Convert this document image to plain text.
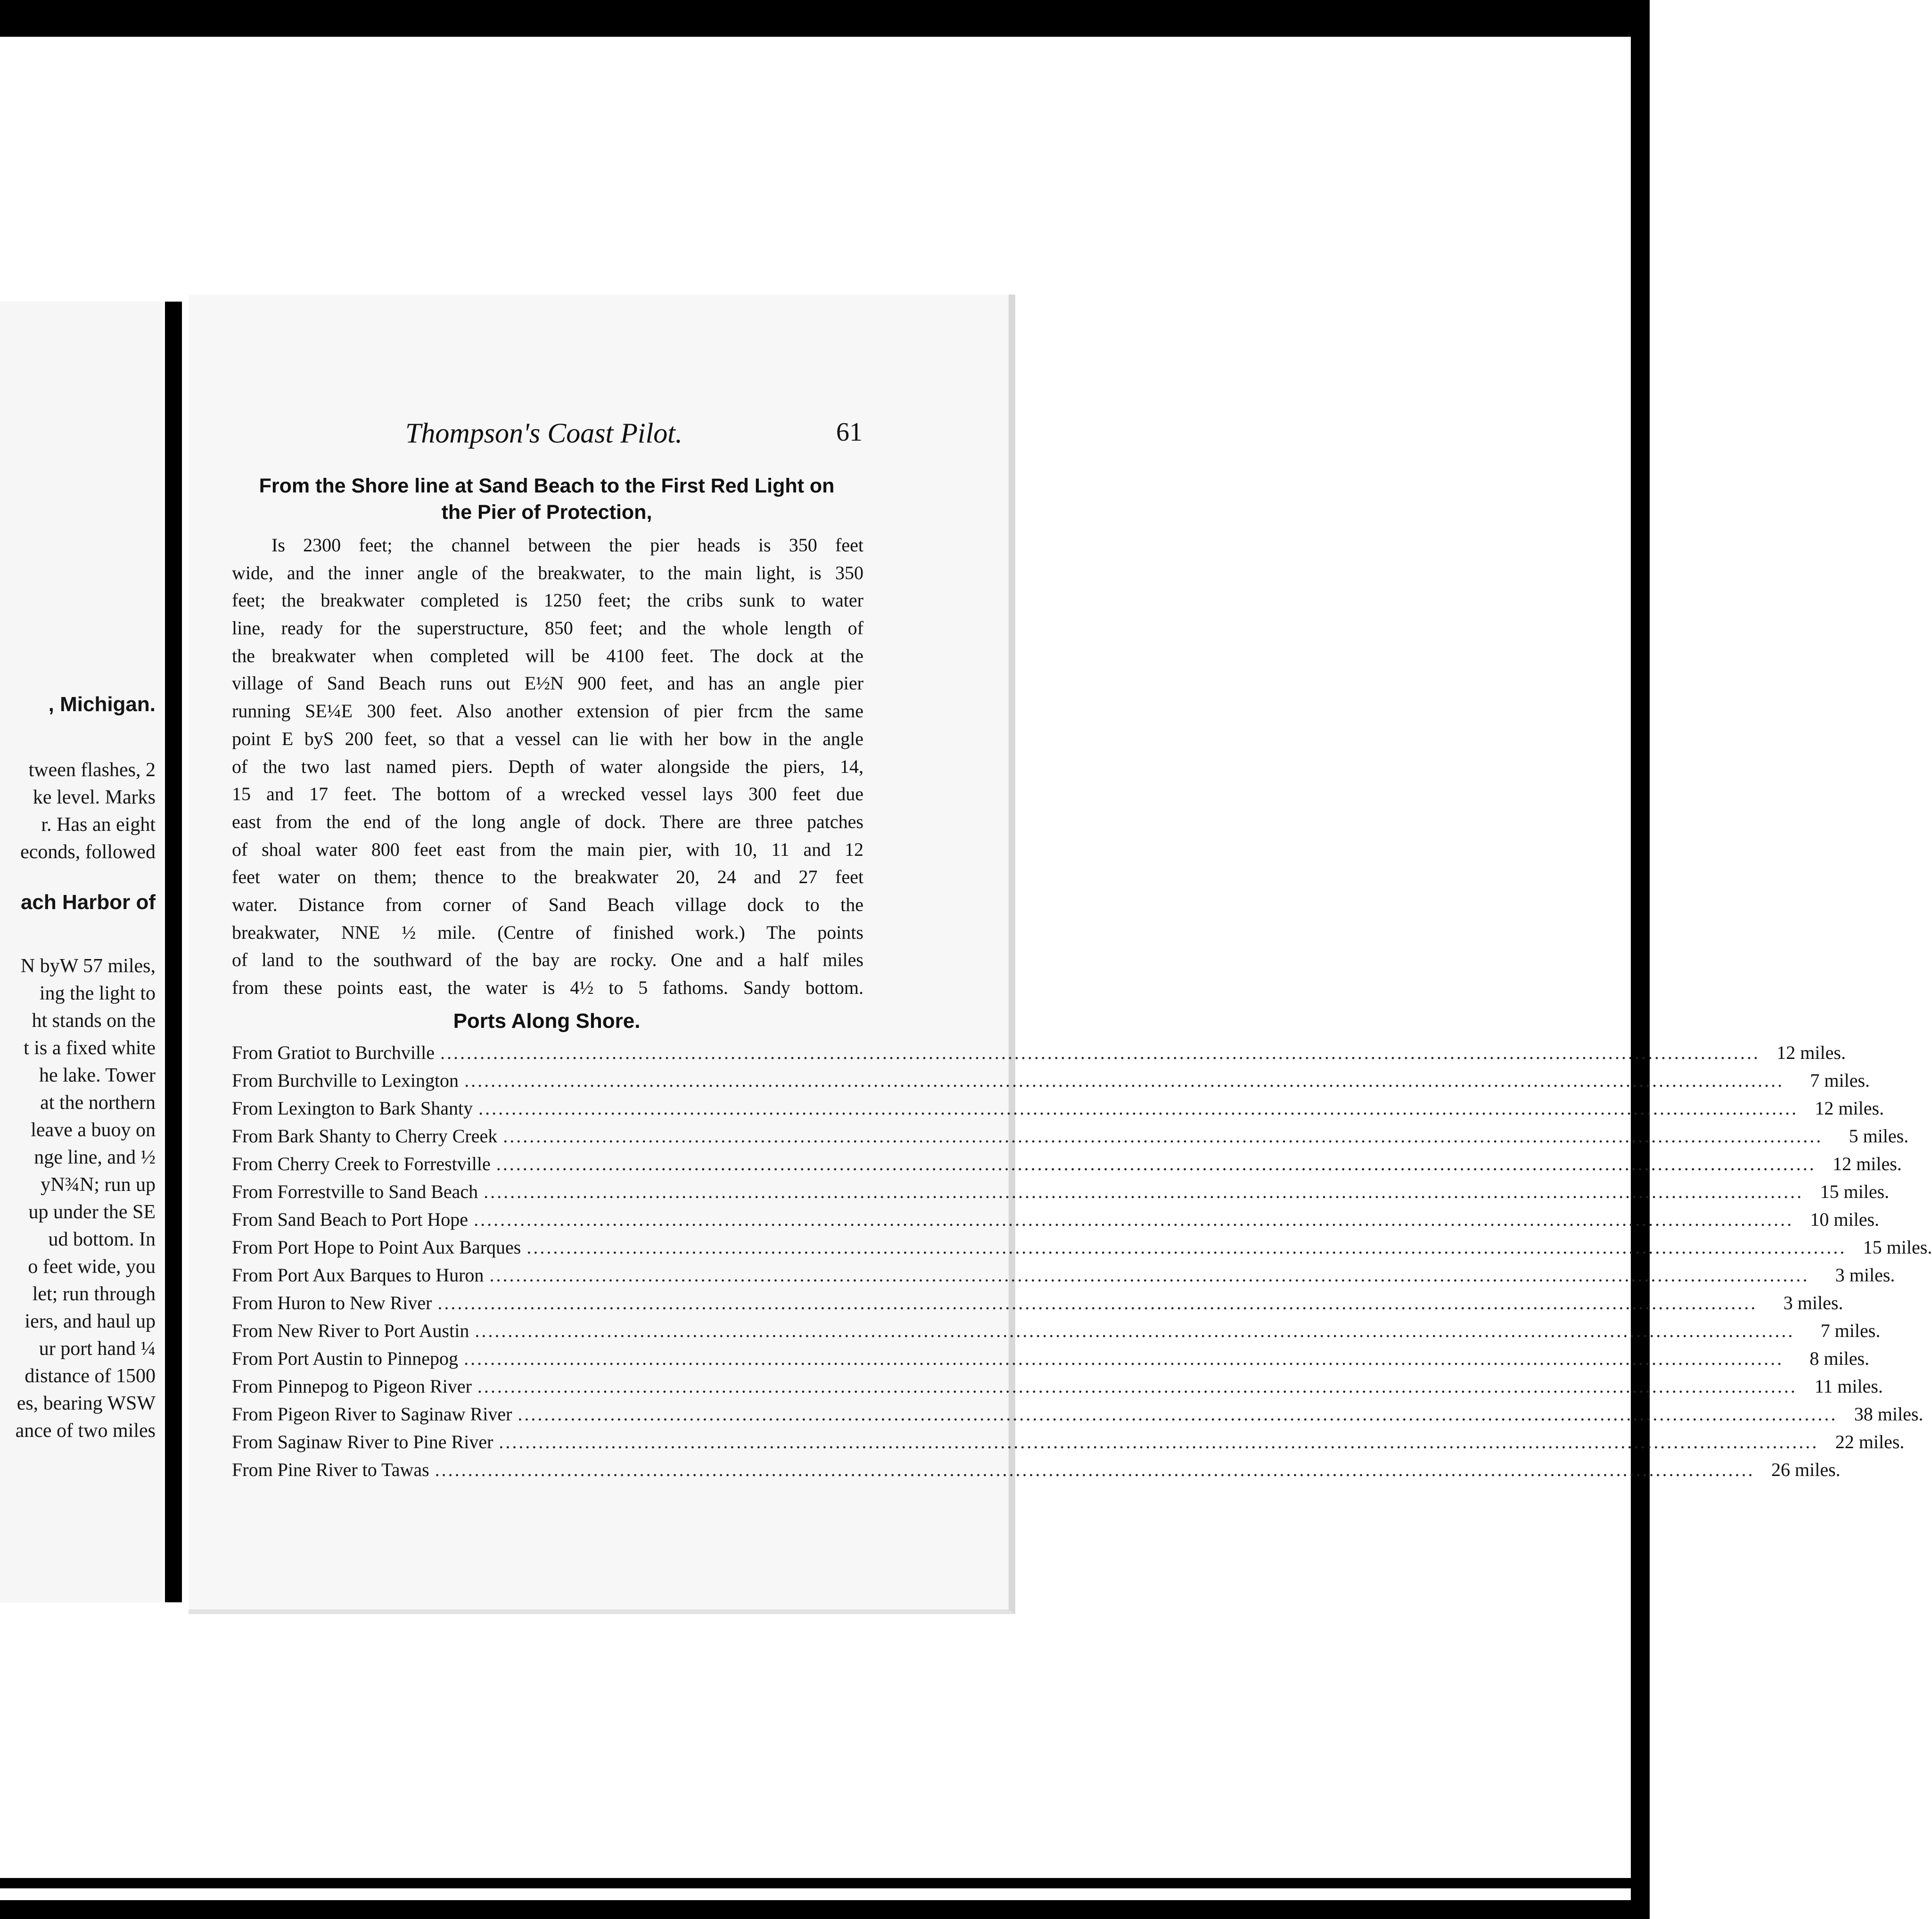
, Michigan.
tween flashes, 2
ke level. Marks
r. Has an eight
econds, followed
ach Harbor of
N byW 57 miles,
ing the light to
ht stands on the
t is a fixed white
he lake. Tower
at the northern
leave a buoy on
nge line, and ½
yN¾N; run up
up under the SE
ud bottom. In
o feet wide, you
let; run through
iers, and haul up
ur port hand ¼
distance of 1500
es, bearing WSW
ance of two miles
Thompson's Coast Pilot.	61
From the Shore line at Sand Beach to the First Red Light on
the Pier of Protection,
Is 2300 feet; the channel between the pier heads is 350 feet
wide, and the inner angle of the breakwater, to the main light, is 350
feet; the breakwater completed is 1250 feet; the cribs sunk to water
line, ready for the superstructure, 850 feet; and the whole length of
the breakwater when completed will be 4100 feet. The dock at the
village of Sand Beach runs out E½N 900 feet, and has an angle pier
running SE¼E 300 feet. Also another extension of pier frcm the same
point E byS 200 feet, so that a vessel can lie with her bow in the angle
of the two last named piers. Depth of water alongside the piers, 14,
15 and 17 feet. The bottom of a wrecked vessel lays 300 feet due
east from the end of the long angle of dock. There are three patches
of shoal water 800 feet east from the main pier, with 10, 11 and 12
feet water on them; thence to the breakwater 20, 24 and 27 feet
water. Distance from corner of Sand Beach village dock to the
breakwater, NNE ½ mile. (Centre of finished work.) The points
of land to the southward of the bay are rocky. One and a half miles
from these points east, the water is 4½ to 5 fathoms. Sandy bottom.
Ports Along Shore.
From Gratiot to Burchville ........................................................................................................................................................................................................ 12 miles.
From Burchville to Lexington ........................................................................................................................................................................................................	7 miles.
From Lexington to Bark Shanty ........................................................................................................................................................................................................ 12 miles.
From Bark Shanty to Cherry Creek ........................................................................................................................................................................................................	5 miles.
From Cherry Creek to Forrestville ........................................................................................................................................................................................................ 12 miles.
From Forrestville to Sand Beach ........................................................................................................................................................................................................ 15 miles.
From Sand Beach to Port Hope ........................................................................................................................................................................................................ 10 miles.
From Port Hope to Point Aux Barques ........................................................................................................................................................................................................ 15 miles.
From Port Aux Barques to Huron ........................................................................................................................................................................................................	3 miles.
From Huron to New River ........................................................................................................................................................................................................	3 miles.
From New River to Port Austin ........................................................................................................................................................................................................	7 miles.
From Port Austin to Pinnepog ........................................................................................................................................................................................................	8 miles.
From Pinnepog to Pigeon River ........................................................................................................................................................................................................ 11 miles.
From Pigeon River to Saginaw River ........................................................................................................................................................................................................ 38 miles.
From Saginaw River to Pine River ........................................................................................................................................................................................................ 22 miles.
From Pine River to Tawas ........................................................................................................................................................................................................ 26 miles.
